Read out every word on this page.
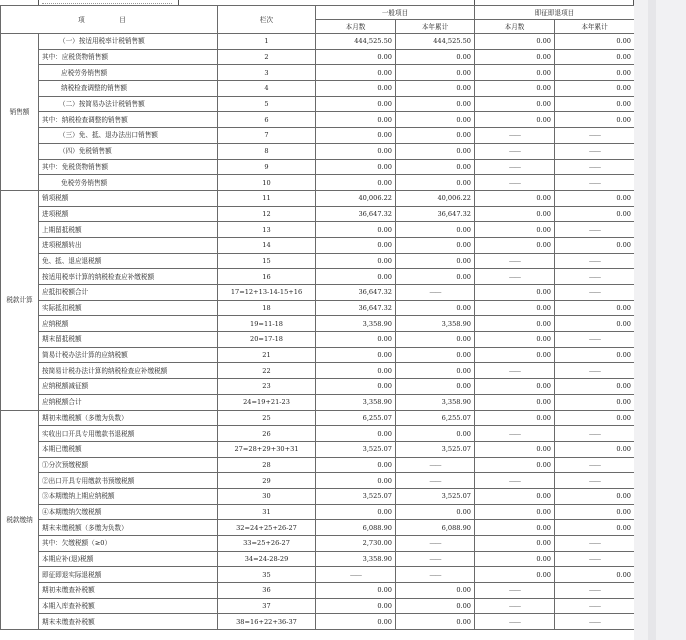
项　目		栏次	一般项目		即征即退项目	
			本月数	本年累计	本月数	本年累计
销售额	（一）按适用税率计税销售额	1	444,525.50	444,525.50	0.00	0.00
	其中：应税货物销售额	2	0.00	0.00	0.00	0.00
	应税劳务销售额	3	0.00	0.00	0.00	0.00
	纳税检查调整的销售额	4	0.00	0.00	0.00	0.00
	（二）按简易办法计税销售额	5	0.00	0.00	0.00	0.00
	其中：纳税检查调整的销售额	6	0.00	0.00	0.00	0.00
	（三）免、抵、退办法出口销售额	7	0.00	0.00	——	——
	（四）免税销售额	8	0.00	0.00	——	——
	其中：免税货物销售额	9	0.00	0.00	——	——
	免税劳务销售额	10	0.00	0.00	——	——
税款计算	销项税额	11	40,006.22	40,006.22	0.00	0.00
	进项税额	12	36,647.32	36,647.32	0.00	0.00
	上期留抵税额	13	0.00	0.00	0.00	——
	进项税额转出	14	0.00	0.00	0.00	0.00
	免、抵、退应退税额	15	0.00	0.00	——	——
	按适用税率计算的纳税检查应补缴税额	16	0.00	0.00	——	——
	应抵扣税额合计	17=12+13-14-15+16	36,647.32	——	0.00	——
	实际抵扣税额	18	36,647.32	0.00	0.00	0.00
	应纳税额	19=11-18	3,358.90	3,358.90	0.00	0.00
	期末留抵税额	20=17-18	0.00	0.00	0.00	——
	简易计税办法计算的应纳税额	21	0.00	0.00	0.00	0.00
	按简易计税办法计算的纳税检查应补缴税额	22	0.00	0.00	——	——
	应纳税额减征额	23	0.00	0.00	0.00	0.00
	应纳税额合计	24=19+21-23	3,358.90	3,358.90	0.00	0.00
税款缴纳	期初未缴税额（多缴为负数）	25	6,255.07	6,255.07	0.00	0.00
	实收出口开具专用缴款书退税额	26	0.00	0.00	——	——
	本期已缴税额	27=28+29+30+31	3,525.07	3,525.07	0.00	0.00
	①分次预缴税额	28	0.00	——	0.00	——
	②出口开具专用缴款书预缴税额	29	0.00	——	——	——
	③本期缴纳上期应纳税额	30	3,525.07	3,525.07	0.00	0.00
	④本期缴纳欠缴税额	31	0.00	0.00	0.00	0.00
	期末未缴税额（多缴为负数）	32=24+25+26-27	6,088.90	6,088.90	0.00	0.00
	其中：欠缴税额（≥0）	33=25+26-27	2,730.00	——	0.00	——
	本期应补(退)税额	34=24-28-29	3,358.90	——	0.00	——
	即征即退实际退税额	35	——	——	0.00	0.00
	期初未缴查补税额	36	0.00	0.00	——	——
	本期入库查补税额	37	0.00	0.00	——	——
	期末未缴查补税额	38=16+22+36-37	0.00	0.00	——	——
